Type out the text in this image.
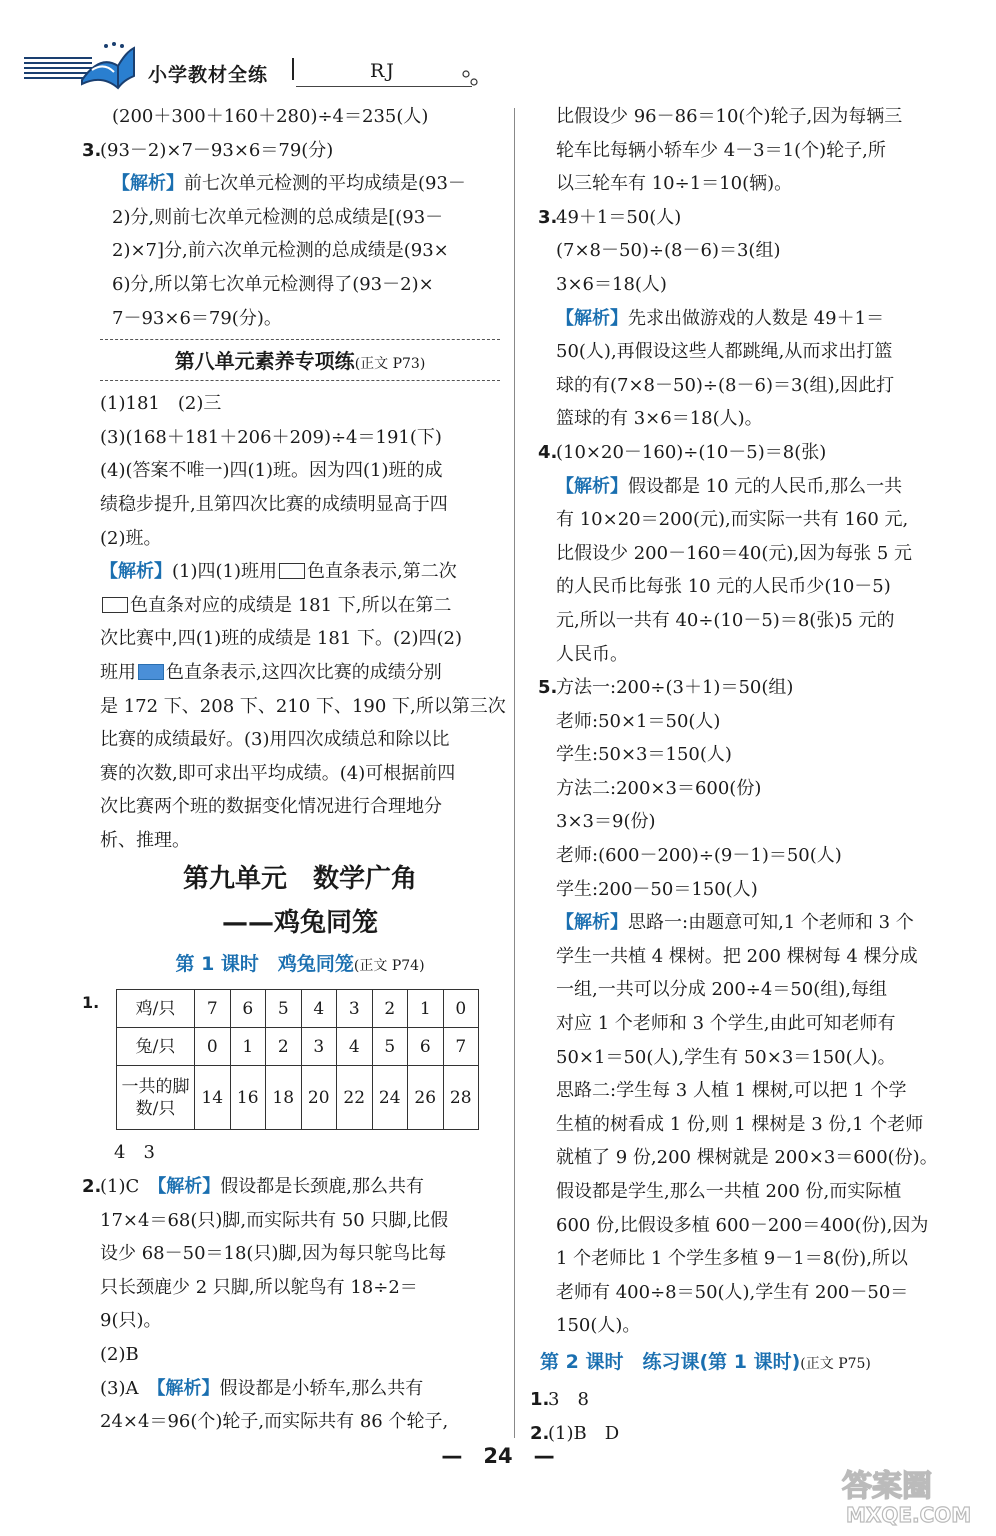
小学教材全练	RJ
(200＋300＋160＋280)÷4＝235(人)
3.(93－2)×7－93×6＝79(分)
【解析】前七次单元检测的平均成绩是(93－
2)分,则前七次单元检测的总成绩是[(93－
2)×7]分,前六次单元检测的总成绩是(93×
6)分,所以第七次单元检测得了(93－2)×
7－93×6＝79(分)。
第八单元素养专项练(正文 P73)
(1)181　(2)三
(3)(168＋181＋206＋209)÷4＝191(下)
(4)(答案不唯一)四(1)班。因为四(1)班的成
绩稳步提升,且第四次比赛的成绩明显高于四
(2)班。
【解析】(1)四(1)班用 色直条表示,第二次
色直条对应的成绩是 181 下,所以在第二
次比赛中,四(1)班的成绩是 181 下。(2)四(2)
班用 色直条表示,这四次比赛的成绩分别
是 172 下、208 下、210 下、190 下,所以第三次
比赛的成绩最好。(3)用四次成绩总和除以比
赛的次数,即可求出平均成绩。(4)可根据前四
次比赛两个班的数据变化情况进行合理地分
析、推理。
第九单元　数学广角
——鸡兔同笼
第 1 课时　鸡兔同笼(正文 P74)
1. 鸡/只	7	6	5	4	3	2	1	0
兔/只	0	1	2	3	4	5	6	7
一共的脚数/只	14	16	18	20	22	24	26	28
4　3
2.(1)C　【解析】假设都是长颈鹿,那么共有
17×4＝68(只)脚,而实际共有 50 只脚,比假
设少 68－50＝18(只)脚,因为每只鸵鸟比每
只长颈鹿少 2 只脚,所以鸵鸟有 18÷2＝
9(只)。
(2)B
(3)A　【解析】假设都是小轿车,那么共有
24×4＝96(个)轮子,而实际共有 86 个轮子,
比假设少 96－86＝10(个)轮子,因为每辆三
轮车比每辆小轿车少 4－3＝1(个)轮子,所
以三轮车有 10÷1＝10(辆)。
3.49＋1＝50(人)
(7×8－50)÷(8－6)＝3(组)
3×6＝18(人)
【解析】先求出做游戏的人数是 49＋1＝
50(人),再假设这些人都跳绳,从而求出打篮
球的有(7×8－50)÷(8－6)＝3(组),因此打
篮球的有 3×6＝18(人)。
4.(10×20－160)÷(10－5)＝8(张)
【解析】假设都是 10 元的人民币,那么一共
有 10×20＝200(元),而实际一共有 160 元,
比假设少 200－160＝40(元),因为每张 5 元
的人民币比每张 10 元的人民币少(10－5)
元,所以一共有 40÷(10－5)＝8(张)5 元的
人民币。
5.方法一:200÷(3＋1)＝50(组)
老师:50×1＝50(人)
学生:50×3＝150(人)
方法二:200×3＝600(份)
3×3＝9(份)
老师:(600－200)÷(9－1)＝50(人)
学生:200－50＝150(人)
【解析】思路一:由题意可知,1 个老师和 3 个
学生一共植 4 棵树。把 200 棵树每 4 棵分成
一组,一共可以分成 200÷4＝50(组),每组
对应 1 个老师和 3 个学生,由此可知老师有
50×1＝50(人),学生有 50×3＝150(人)。
思路二:学生每 3 人植 1 棵树,可以把 1 个学
生植的树看成 1 份,则 1 棵树是 3 份,1 个老师
就植了 9 份,200 棵树就是 200×3＝600(份)。
假设都是学生,那么一共植 200 份,而实际植
600 份,比假设多植 600－200＝400(份),因为
1 个老师比 1 个学生多植 9－1＝8(份),所以
老师有 400÷8＝50(人),学生有 200－50＝
150(人)。
第 2 课时　练习课(第 1 课时)(正文 P75)
1.3　8
2.(1)B　D
—　24　—
答案圈
MXQE.COM
